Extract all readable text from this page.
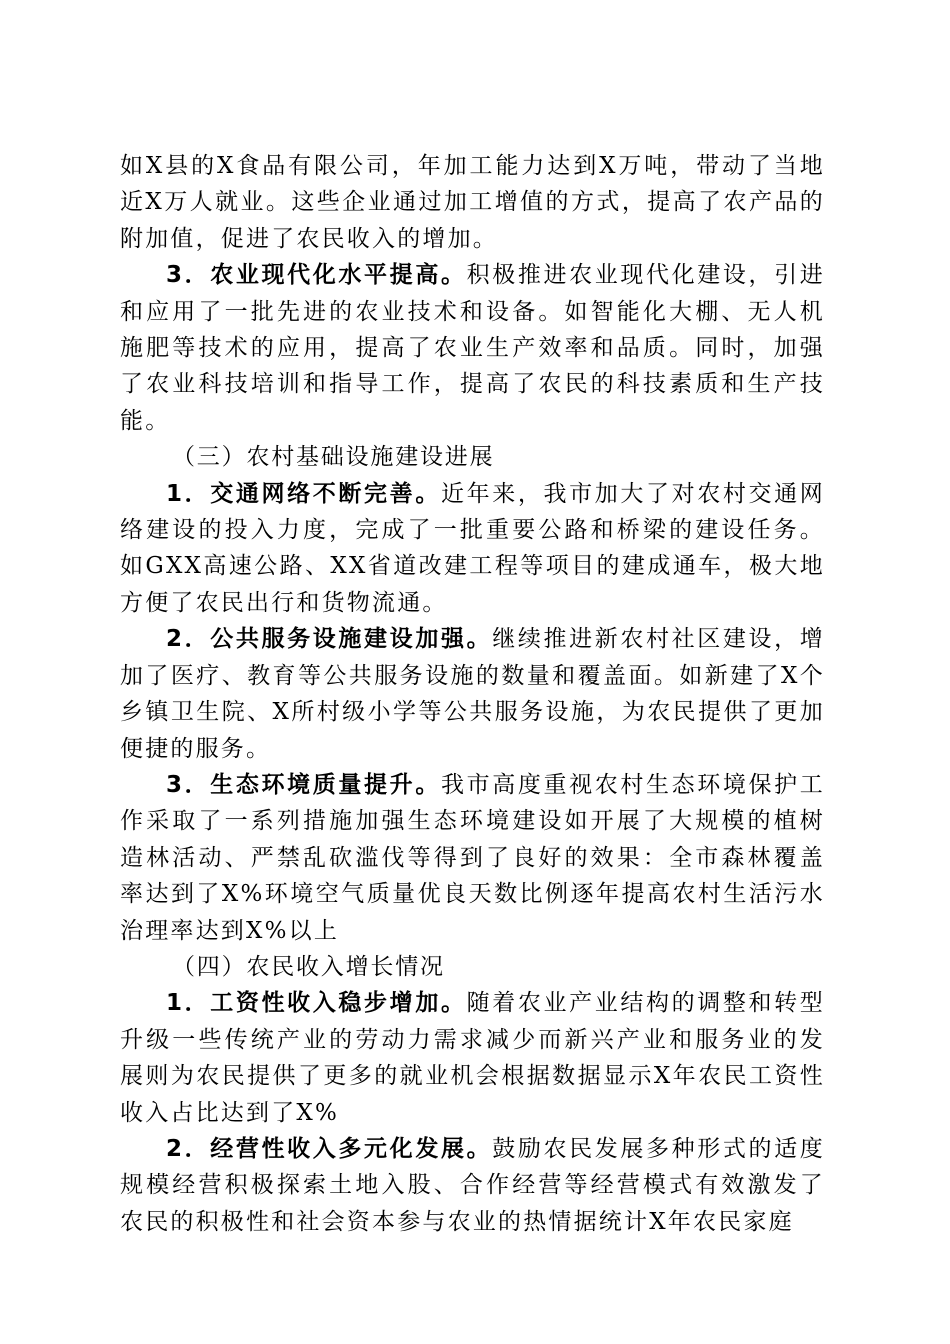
如X县的X食品有限公司，年加工能力达到X万吨，带动了当地近X万人就业。这些企业通过加工增值的方式，提高了农产品的附加值，促进了农民收入的增加。

3．农业现代化水平提高。积极推进农业现代化建设，引进和应用了一批先进的农业技术和设备。如智能化大棚、无人机施肥等技术的应用，提高了农业生产效率和品质。同时，加强了农业科技培训和指导工作，提高了农民的科技素质和生产技能。

（三）农村基础设施建设进展

1．交通网络不断完善。近年来，我市加大了对农村交通网络建设的投入力度，完成了一批重要公路和桥梁的建设任务。如GXX高速公路、XX省道改建工程等项目的建成通车，极大地方便了农民出行和货物流通。

2．公共服务设施建设加强。继续推进新农村社区建设，增加了医疗、教育等公共服务设施的数量和覆盖面。如新建了X个乡镇卫生院、X所村级小学等公共服务设施，为农民提供了更加便捷的服务。

3．生态环境质量提升。我市高度重视农村生态环境保护工作采取了一系列措施加强生态环境建设如开展了大规模的植树造林活动、严禁乱砍滥伐等得到了良好的效果：全市森林覆盖率达到了X%环境空气质量优良天数比例逐年提高农村生活污水治理率达到X%以上

（四）农民收入增长情况

1．工资性收入稳步增加。随着农业产业结构的调整和转型升级一些传统产业的劳动力需求减少而新兴产业和服务业的发展则为农民提供了更多的就业机会根据数据显示X年农民工资性收入占比达到了X%

2．经营性收入多元化发展。鼓励农民发展多种形式的适度规模经营积极探索土地入股、合作经营等经营模式有效激发了农民的积极性和社会资本参与农业的热情据统计X年农民家庭
